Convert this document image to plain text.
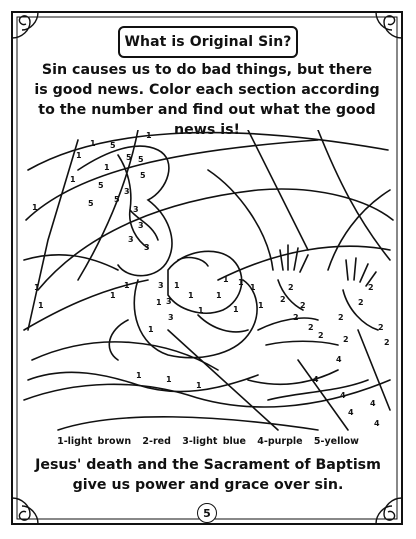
What is Original Sin?
Sin causes us to do bad things, but there is good news. Color each section according to the number and find out what the good news is!
1
1
1
1
1
1
1
1
1
1
1
1
1
1
1
1 1
1
1
1
1
1	1
1
2
2
2
2
2
2
2
2
2
2
2
2
3
3
3
3
3
3
3
3
4
4
4
4
4
4
5
5
5
5
5	5
5
1-light brown 2-red 3-light blue 4-purple 5-yellow
Jesus' death and the Sacrament of Baptism give us power and grace over sin.
5
